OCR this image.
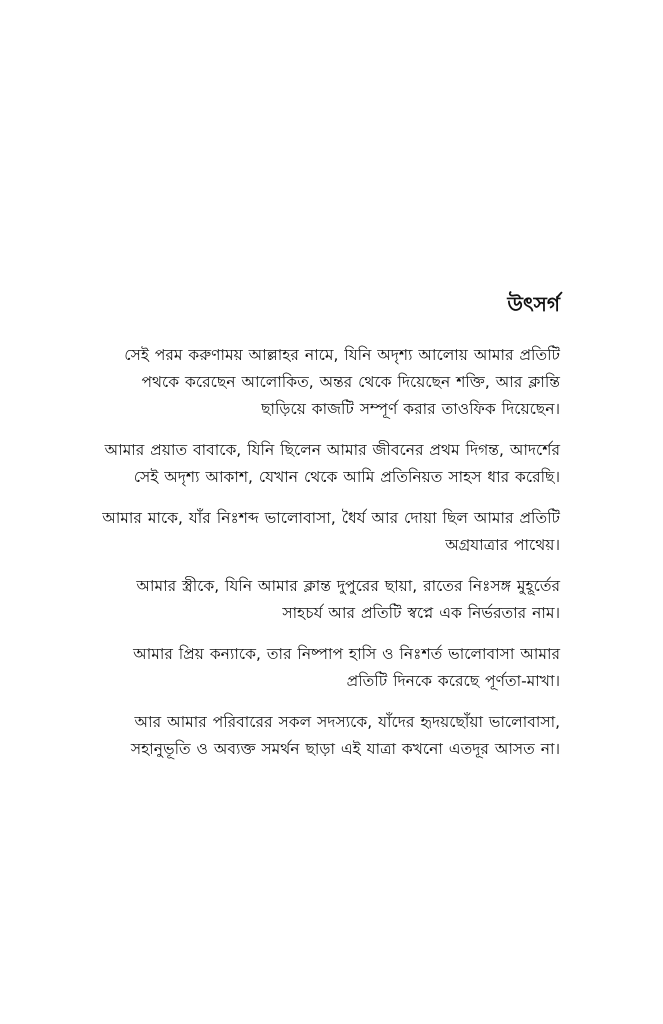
উৎসর্গ

সেই পরম করুণাময় আল্লাহর নামে, যিনি অদৃশ্য আলোয় আমার প্রতিটি পথকে করেছেন আলোকিত, অন্তর থেকে দিয়েছেন শক্তি, আর ক্লান্তি ছাড়িয়ে কাজটি সম্পূর্ণ করার তাওফিক দিয়েছেন।

আমার প্রয়াত বাবাকে, যিনি ছিলেন আমার জীবনের প্রথম দিগন্ত, আদর্শের সেই অদৃশ্য আকাশ, যেখান থেকে আমি প্রতিনিয়ত সাহস ধার করেছি।

আমার মাকে, যাঁর নিঃশব্দ ভালোবাসা, ধৈর্য আর দোয়া ছিল আমার প্রতিটি অগ্রযাত্রার পাথেয়।

আমার স্ত্রীকে, যিনি আমার ক্লান্ত দুপুরের ছায়া, রাতের নিঃসঙ্গ মুহূর্তের সাহচর্য আর প্রতিটি স্বপ্নে এক নির্ভরতার নাম।

আমার প্রিয় কন্যাকে, তার নিষ্পাপ হাসি ও নিঃশর্ত ভালোবাসা আমার প্রতিটি দিনকে করেছে পূর্ণতা-মাখা।

আর আমার পরিবারের সকল সদস্যকে, যাঁদের হৃদয়ছোঁয়া ভালোবাসা, সহানুভূতি ও অব্যক্ত সমর্থন ছাড়া এই যাত্রা কখনো এতদূর আসত না।
